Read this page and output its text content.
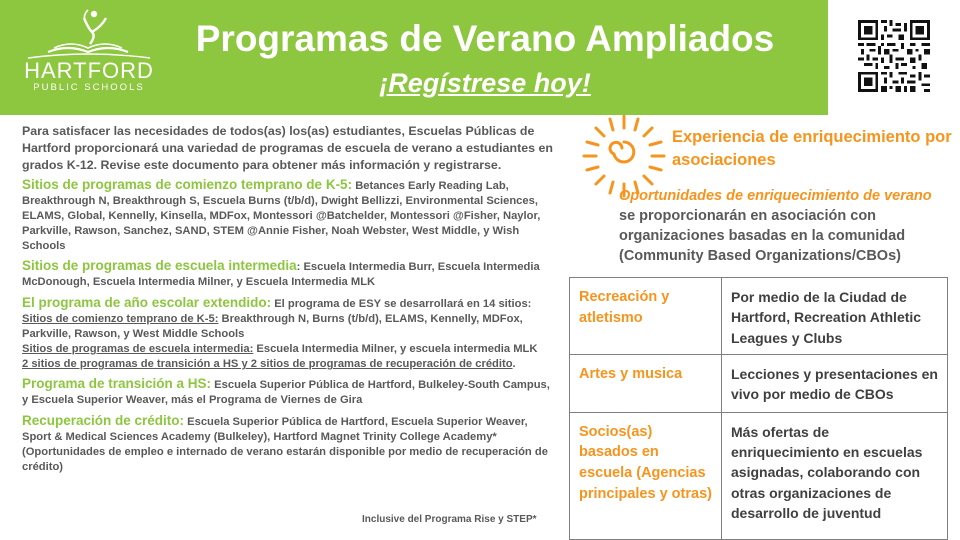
HARTFORD
PUBLIC SCHOOLS
Programas de Verano Ampliados
¡Regístrese hoy!

Para satisfacer las necesidades de todos(as) los(as) estudiantes, Escuelas Públicas de Hartford proporcionará una variedad de programas de escuela de verano a estudiantes en grados K-12. Revise este documento para obtener más información y registrarse.

Sitios de programas de comienzo temprano de K-5: Betances Early Reading Lab, Breakthrough N, Breakthrough S, Escuela Burns (t/b/d), Dwight Bellizzi, Environmental Sciences, ELAMS, Global, Kennelly, Kinsella, MDFox, Montessori @Batchelder, Montessori @Fisher, Naylor, Parkville, Rawson, Sanchez, SAND, STEM @Annie Fisher, Noah Webster, West Middle, y Wish Schools

Sitios de programas de escuela intermedia: Escuela Intermedia Burr, Escuela Intermedia McDonough, Escuela Intermedia Milner, y Escuela Intermedia MLK

El programa de año escolar extendido: El programa de ESY se desarrollará en 14 sitios:
Sitios de comienzo temprano de K-5: Breakthrough N, Burns (t/b/d), ELAMS, Kennelly, MDFox, Parkville, Rawson, y West Middle Schools
Sitios de programas de escuela intermedia: Escuela Intermedia Milner, y escuela intermedia MLK
2 sitios de programas de transición a HS y 2 sitios de programas de recuperación de crédito.

Programa de transición a HS: Escuela Superior Pública de Hartford, Bulkeley-South Campus, y Escuela Superior Weaver, más el Programa de Viernes de Gira

Recuperación de crédito: Escuela Superior Pública de Hartford, Escuela Superior Weaver, Sport & Medical Sciences Academy (Bulkeley), Hartford Magnet Trinity College Academy*
(Oportunidades de empleo e internado de verano estarán disponible por medio de recuperación de crédito)

Inclusive del Programa Rise y STEP*
Experiencia de enriquecimiento por asociaciones
Oportunidades de enriquecimiento de verano
se proporcionarán en asociación con organizaciones basadas en la comunidad (Community Based Organizations/CBOs)
Recreación y atletismo	Por medio de la Ciudad de Hartford, Recreation Athletic Leagues y Clubs
Artes y musica	Lecciones y presentaciones en vivo por medio de CBOs
Socios(as) basados en escuela (Agencias principales y otras)	Más ofertas de enriquecimiento en escuelas asignadas, colaborando con otras organizaciones de desarrollo de juventud
